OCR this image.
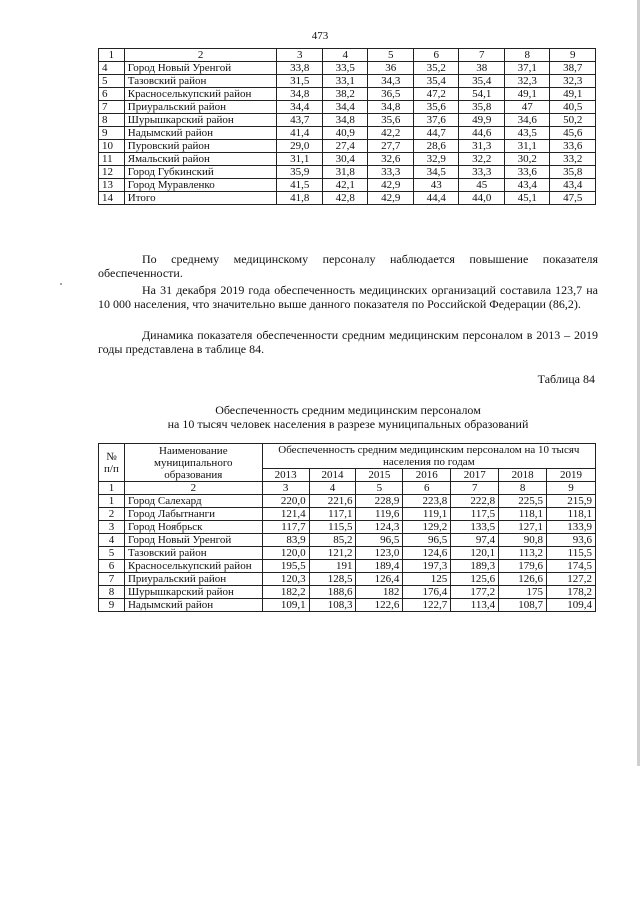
473
1	2	3	4	5	6	7	8	9
4	Город Новый Уренгой	33,8	33,5	36	35,2	38	37,1	38,7
5	Тазовский район	31,5	33,1	34,3	35,4	35,4	32,3	32,3
6	Красноселькупский район	34,8	38,2	36,5	47,2	54,1	49,1	49,1
7	Приуральский район	34,4	34,4	34,8	35,6	35,8	47	40,5
8	Шурышкарский район	43,7	34,8	35,6	37,6	49,9	34,6	50,2
9	Надымский район	41,4	40,9	42,2	44,7	44,6	43,5	45,6
10	Пуровский район	29,0	27,4	27,7	28,6	31,3	31,1	33,6
11	Ямальский район	31,1	30,4	32,6	32,9	32,2	30,2	33,2
12	Город Губкинский	35,9	31,8	33,3	34,5	33,3	33,6	35,8
13	Город Муравленко	41,5	42,1	42,9	43	45	43,4	43,4
14	Итого	41,8	42,8	42,9	44,4	44,0	45,1	47,5
По среднему медицинскому персоналу наблюдается повышение показателя обеспеченности.
На 31 декабря 2019 года обеспеченность медицинских организаций составила 123,7 на 10 000 населения, что значительно выше данного показателя по Российской Федерации (86,2).
Динамика показателя обеспеченности средним медицинским персоналом в 2013 – 2019 годы представлена в таблице 84.
Таблица 84
Обеспеченность средним медицинским персоналом
на 10 тысяч человек населения в разрезе муниципальных образований
№ п/п	Наименование муниципального образования	Обеспеченность средним медицинским персоналом на 10 тысяч населения по годам						
		2013	2014	2015	2016	2017	2018	2019
1	2	3	4	5	6	7	8	9
1	Город Салехард	220,0	221,6	228,9	223,8	222,8	225,5	215,9
2	Город Лабытнанги	121,4	117,1	119,6	119,1	117,5	118,1	118,1
3	Город Ноябрьск	117,7	115,5	124,3	129,2	133,5	127,1	133,9
4	Город Новый Уренгой	83,9	85,2	96,5	96,5	97,4	90,8	93,6
5	Тазовский район	120,0	121,2	123,0	124,6	120,1	113,2	115,5
6	Красноселькупский район	195,5	191	189,4	197,3	189,3	179,6	174,5
7	Приуральский район	120,3	128,5	126,4	125	125,6	126,6	127,2
8	Шурышкарский район	182,2	188,6	182	176,4	177,2	175	178,2
9	Надымский район	109,1	108,3	122,6	122,7	113,4	108,7	109,4
